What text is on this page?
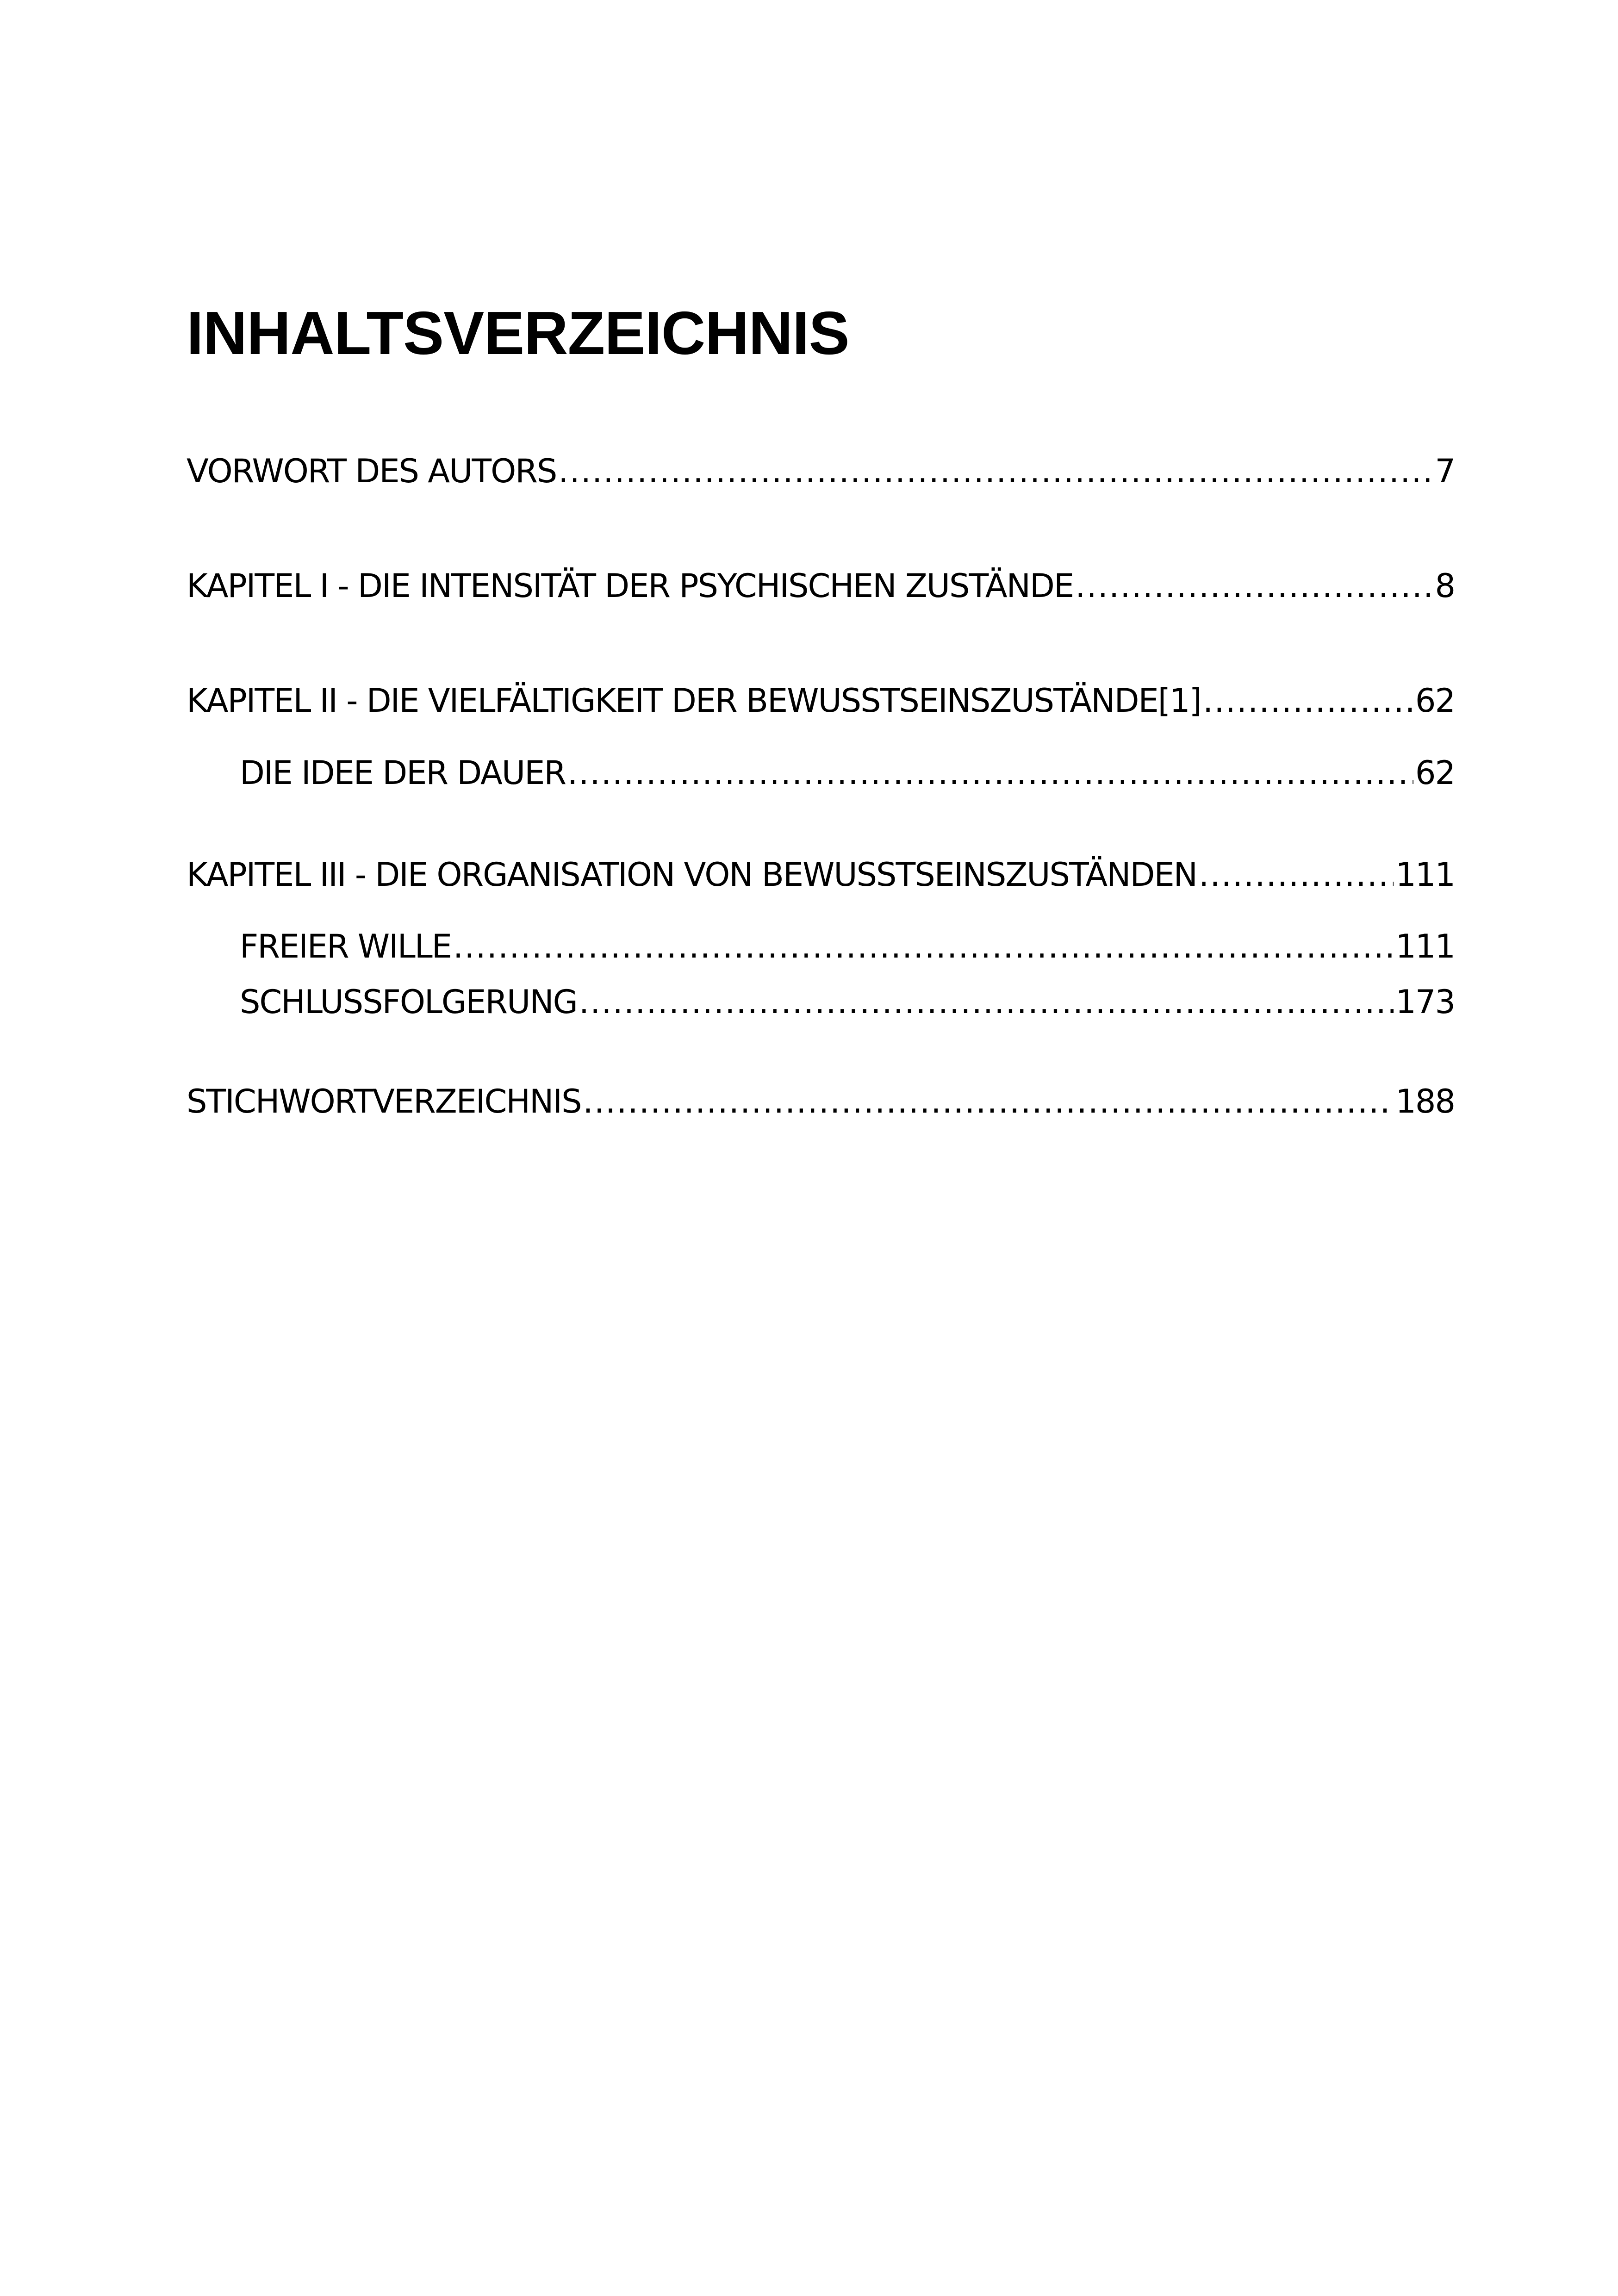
INHALTSVERZEICHNIS
VORWORT DES AUTORS .....	7
KAPITEL I - DIE INTENSITÄT DER PSYCHISCHEN ZUSTÄNDE .....	8
KAPITEL II - DIE VIELFÄLTIGKEIT DER BEWUSSTSEINSZUSTÄNDE[1] .....	62
DIE IDEE DER DAUER .....	62
KAPITEL III - DIE ORGANISATION VON BEWUSSTSEINSZUSTÄNDEN .....	111
FREIER WILLE .....	111
SCHLUSSFOLGERUNG .....	173
STICHWORTVERZEICHNIS .....	188
